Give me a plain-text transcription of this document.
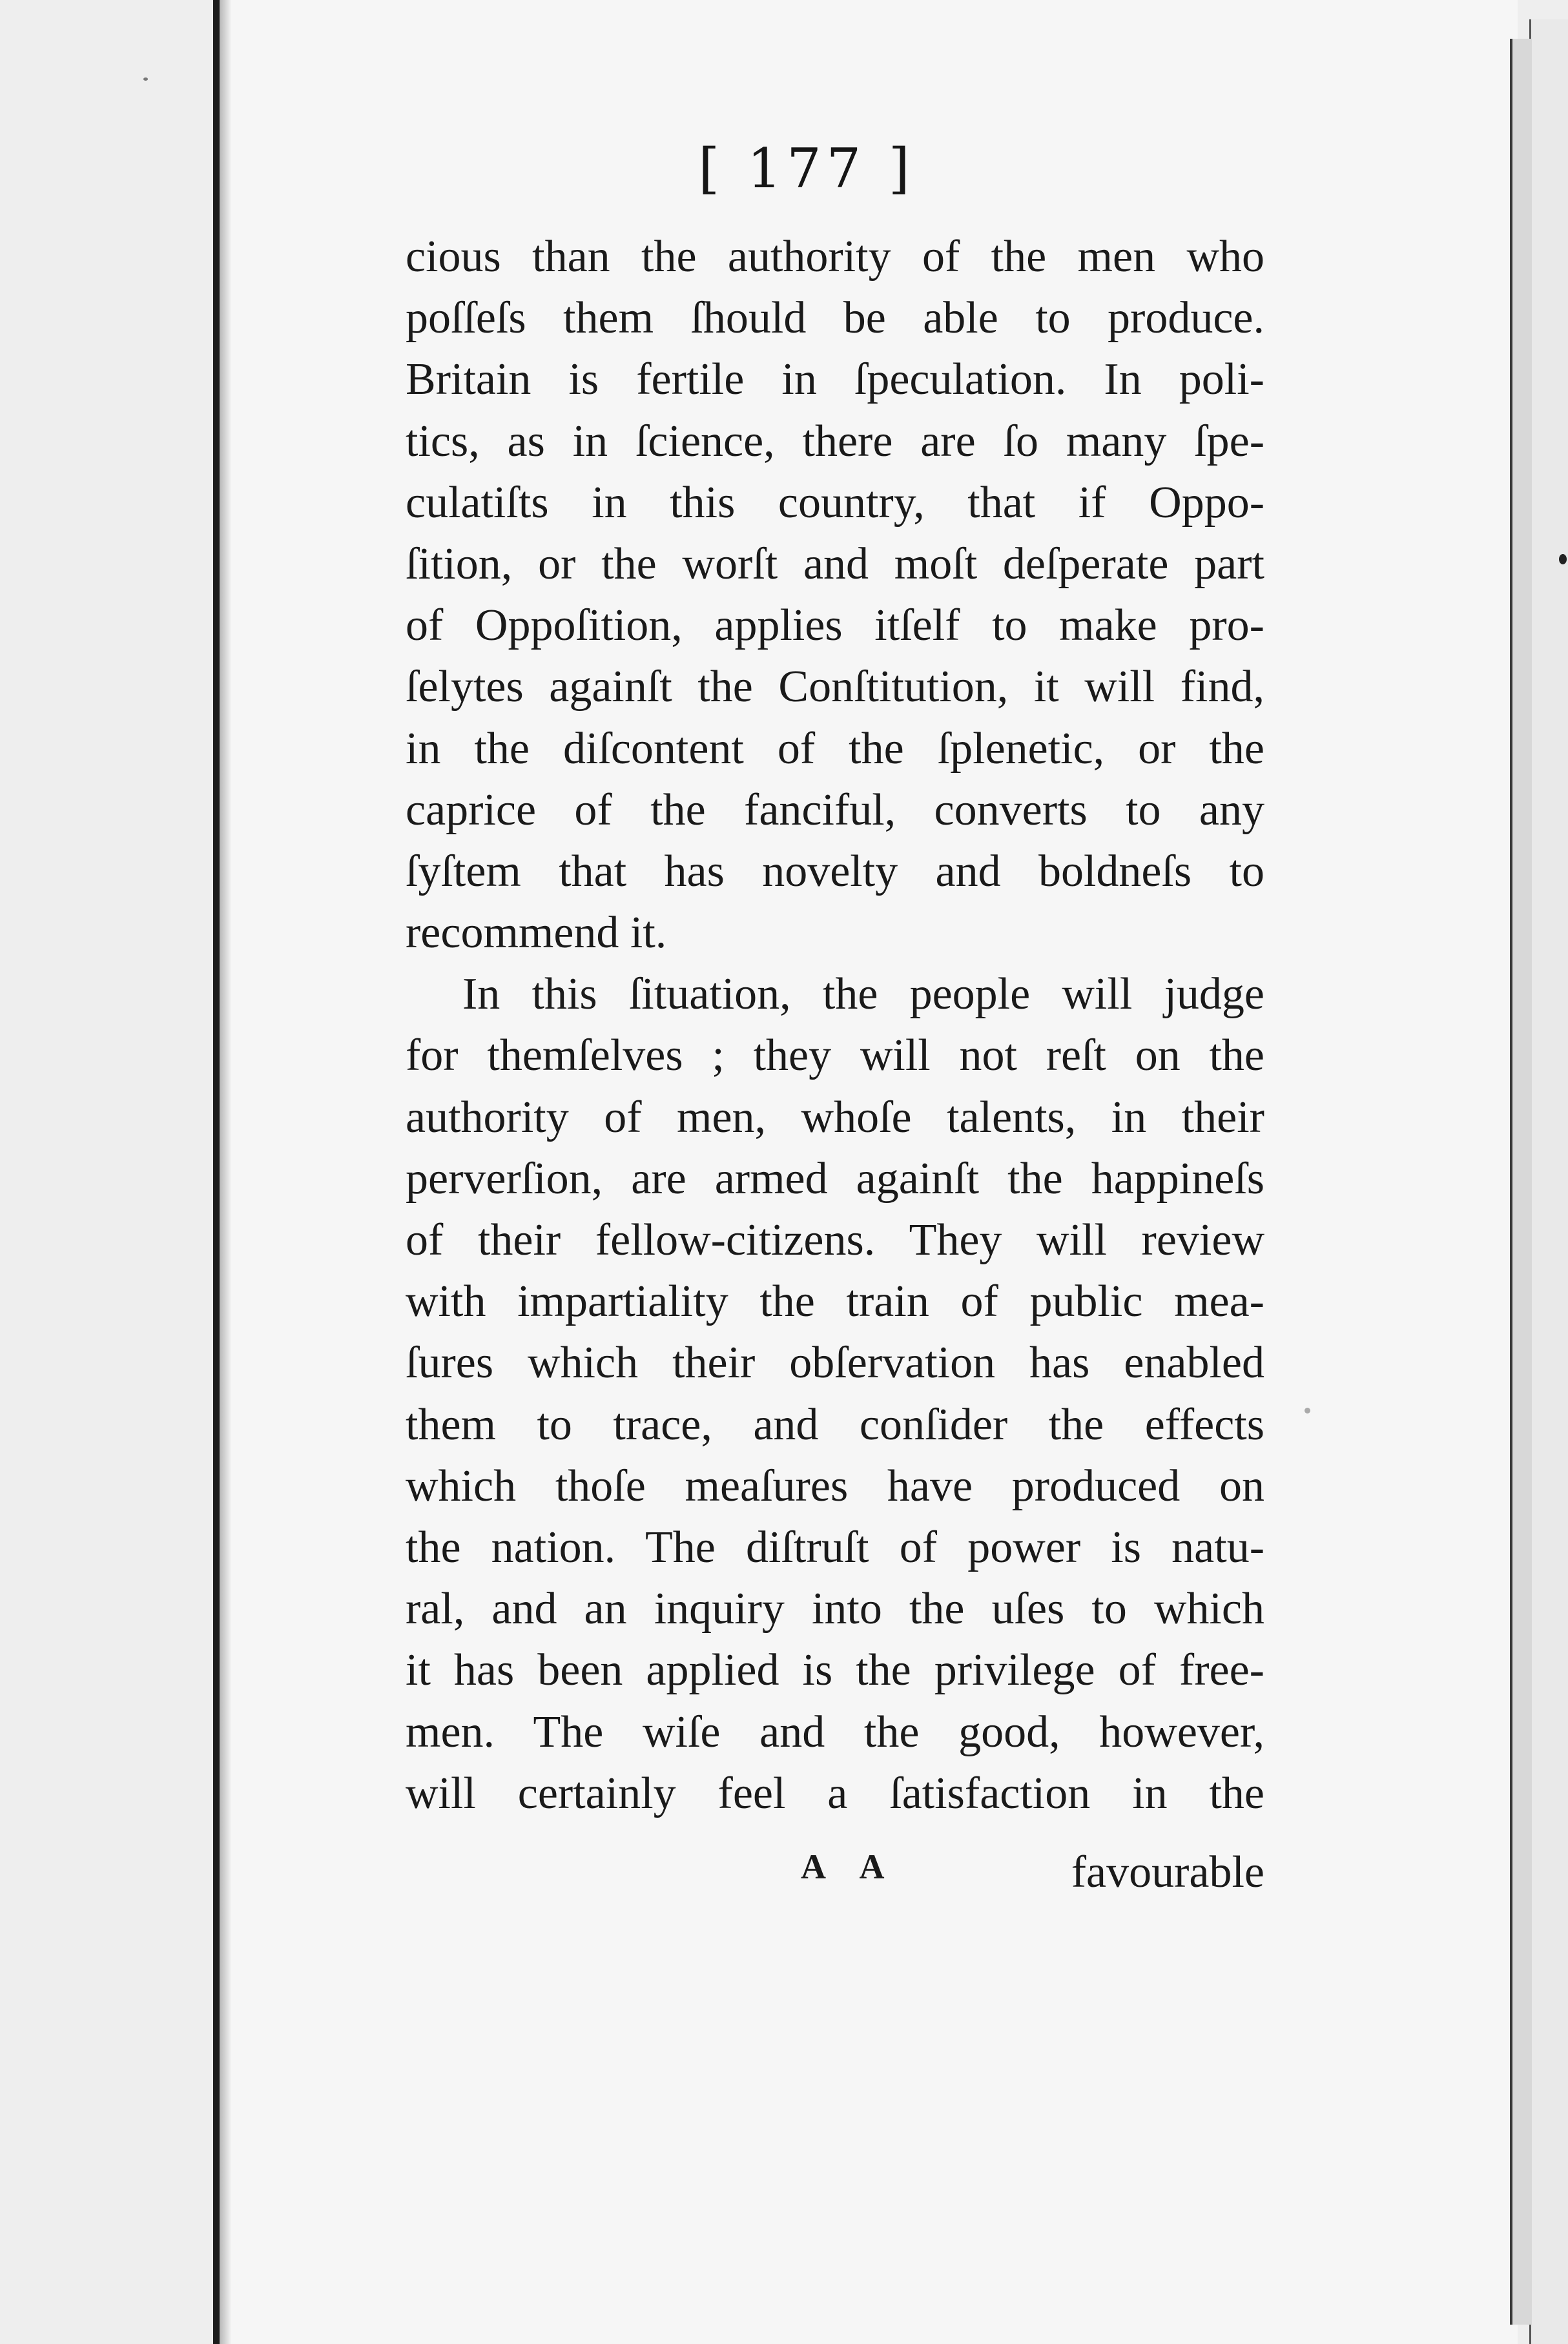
[ 177 ]
cious than the authority of the men who
poſſeſs them ſhould be able to produce.
Britain is fertile in ſpeculation. In poli-
tics, as in ſcience, there are ſo many ſpe-
culatiſts in this country, that if Oppo-
ſition, or the worſt and moſt deſperate part
of Oppoſition, applies itſelf to make pro-
ſelytes againſt the Conſtitution, it will find,
in the diſcontent of the ſplenetic, or the
caprice of the fanciful, converts to any
ſyſtem that has novelty and boldneſs to
recommend it.
In this ſituation, the people will judge
for themſelves ; they will not reſt on the
authority of men, whoſe talents, in their
perverſion, are armed againſt the happineſs
of their fellow-citizens. They will review
with impartiality the train of public mea-
ſures which their obſervation has enabled
them to trace, and conſider the effects
which thoſe meaſures have produced on
the nation. The diſtruſt of power is natu-
ral, and an inquiry into the uſes to which
it has been applied is the privilege of free-
men. The wiſe and the good, however,
will certainly feel a ſatisfaction in the
A A	favourable
